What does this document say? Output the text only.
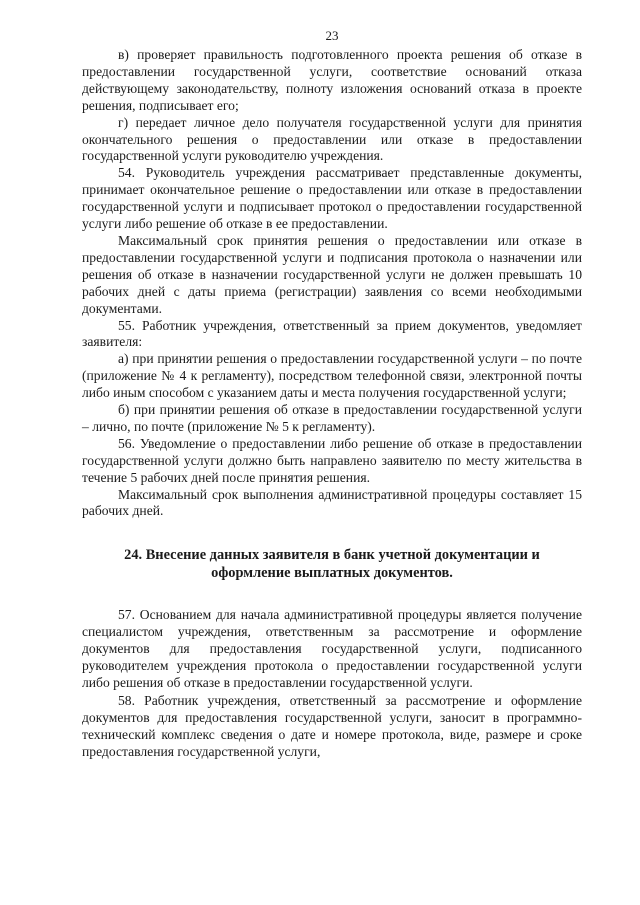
23

в) проверяет правильность подготовленного проекта решения об отказе в предоставлении государственной услуги, соответствие оснований отказа действующему законодательству, полноту изложения оснований отказа в проекте решения, подписывает его;

г) передает личное дело получателя государственной услуги для принятия окончательного решения о предоставлении или отказе в предоставлении государственной услуги руководителю учреждения.

54. Руководитель учреждения рассматривает представленные документы, принимает окончательное решение о предоставлении или отказе в предоставлении государственной услуги и подписывает протокол о предоставлении государственной услуги либо решение об отказе в ее предоставлении.

Максимальный срок принятия решения о предоставлении или отказе в предоставлении государственной услуги и подписания протокола о назначении или решения об отказе в назначении государственной услуги не должен превышать 10 рабочих дней с даты приема (регистрации) заявления со всеми необходимыми документами.

55. Работник учреждения, ответственный за прием документов, уведомляет заявителя:

а) при принятии решения о предоставлении государственной услуги – по почте (приложение № 4 к регламенту), посредством телефонной связи, электронной почты либо иным способом с указанием даты и места получения государственной услуги;

б) при принятии решения об отказе в предоставлении государственной услуги – лично, по почте (приложение № 5 к регламенту).

56. Уведомление о предоставлении либо решение об отказе в предоставлении государственной услуги должно быть направлено заявителю по месту жительства в течение 5 рабочих дней после принятия решения.

Максимальный срок выполнения административной процедуры составляет 15 рабочих дней.

24. Внесение данных заявителя в банк учетной документации и оформление выплатных документов.

57. Основанием для начала административной процедуры является получение специалистом учреждения, ответственным за рассмотрение и оформление документов для предоставления государственной услуги, подписанного руководителем учреждения протокола о предоставлении государственной услуги либо решения об отказе в предоставлении государственной услуги.

58. Работник учреждения, ответственный за рассмотрение и оформление документов для предоставления государственной услуги, заносит в программно-технический комплекс сведения о дате и номере протокола, виде, размере и сроке предоставления государственной услуги,
